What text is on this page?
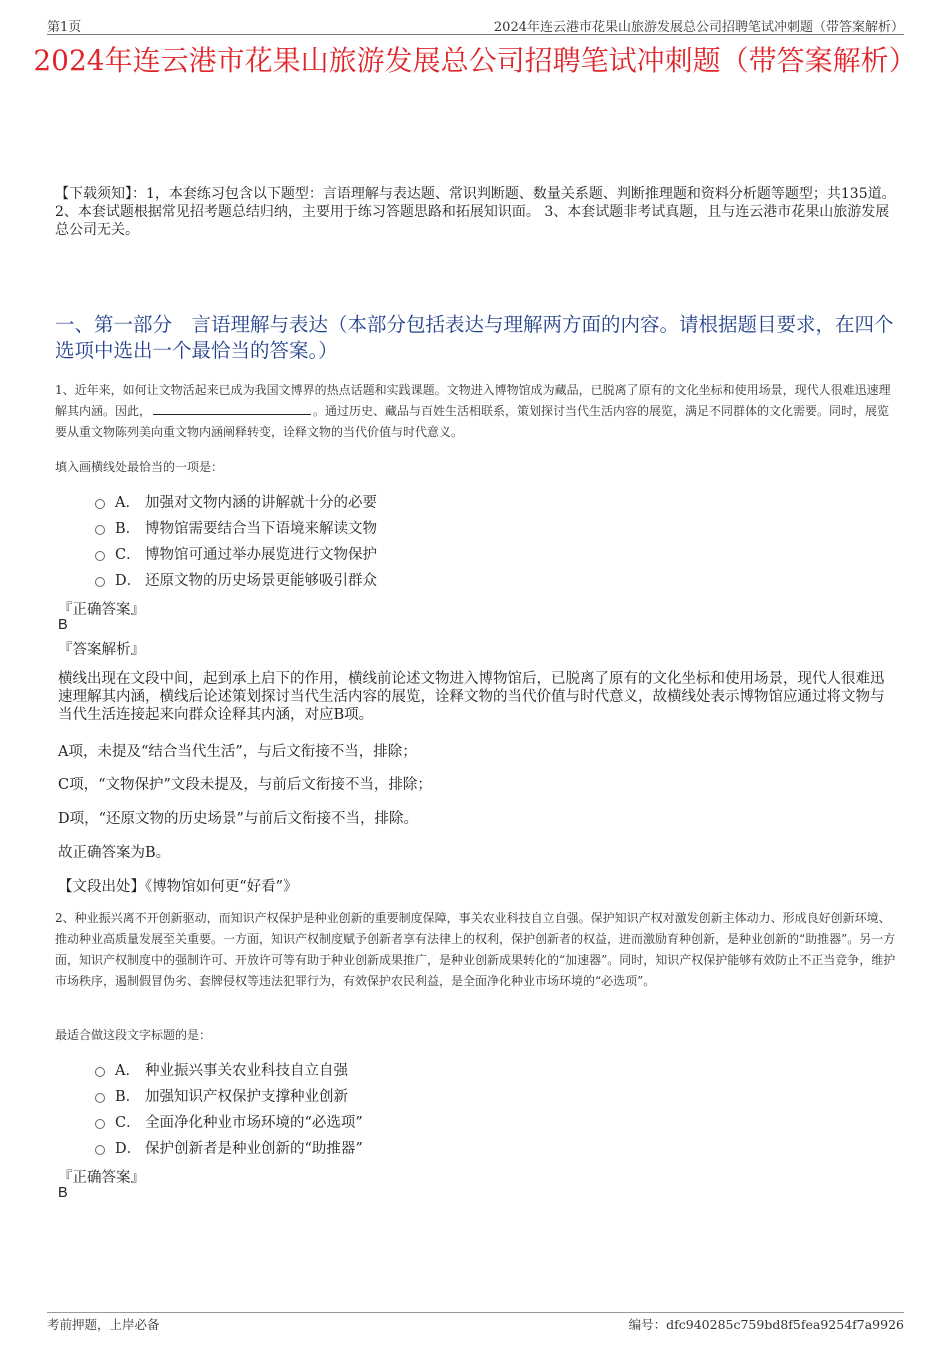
第1页	2024年连云港市花果山旅游发展总公司招聘笔试冲刺题（带答案解析）
2024年连云港市花果山旅游发展总公司招聘笔试冲刺题（带答案解析）
【下载须知】：1，本套练习包含以下题型：言语理解与表达题、常识判断题、数量关系题、判断推理题和资料分析题等题型；共135道。 2、本套试题根据常见招考题总结归纳，主要用于练习答题思路和拓展知识面。 3、本套试题非考试真题，且与连云港市花果山旅游发展总公司无关。
一、第一部分　言语理解与表达（本部分包括表达与理解两方面的内容。请根据题目要求，在四个选项中选出一个最恰当的答案。）
1、近年来，如何让文物活起来已成为我国文博界的热点话题和实践课题。文物进入博物馆成为藏品，已脱离了原有的文化坐标和使用场景，现代人很难迅速理解其内涵。因此，	。通过历史、藏品与百姓生活相联系，策划探讨当代生活内容的展览，满足不同群体的文化需要。同时，展览要从重文物陈列美向重文物内涵阐释转变，诠释文物的当代价值与时代意义。
填入画横线处最恰当的一项是：
A． 加强对文物内涵的讲解就十分的必要
B． 博物馆需要结合当下语境来解读文物
C． 博物馆可通过举办展览进行文物保护
D． 还原文物的历史场景更能够吸引群众
『正确答案』
B
『答案解析』
横线出现在文段中间，起到承上启下的作用，横线前论述文物进入博物馆后，已脱离了原有的文化坐标和使用场景，现代人很难迅速理解其内涵，横线后论述策划探讨当代生活内容的展览，诠释文物的当代价值与时代意义，故横线处表示博物馆应通过将文物与当代生活连接起来向群众诠释其内涵，对应B项。
A项，未提及“结合当代生活”，与后文衔接不当，排除；
C项，“文物保护”文段未提及，与前后文衔接不当，排除；
D项，“还原文物的历史场景”与前后文衔接不当，排除。
故正确答案为B。
【文段出处】《博物馆如何更“好看”》
2、种业振兴离不开创新驱动，而知识产权保护是种业创新的重要制度保障，事关农业科技自立自强。保护知识产权对激发创新主体动力、形成良好创新环境、推动种业高质量发展至关重要。一方面，知识产权制度赋予创新者享有法律上的权利，保护创新者的权益，进而激励育种创新，是种业创新的“助推器”。另一方面，知识产权制度中的强制许可、开放许可等有助于种业创新成果推广，是种业创新成果转化的“加速器”。同时，知识产权保护能够有效防止不正当竞争，维护市场秩序，遏制假冒伪劣、套牌侵权等违法犯罪行为，有效保护农民利益，是全面净化种业市场环境的“必选项”。
最适合做这段文字标题的是：
A． 种业振兴事关农业科技自立自强
B． 加强知识产权保护支撑种业创新
C． 全面净化种业市场环境的“必选项”
D． 保护创新者是种业创新的“助推器”
『正确答案』
B
考前押题，上岸必备	编号：dfc940285c759bd8f5fea9254f7a9926
